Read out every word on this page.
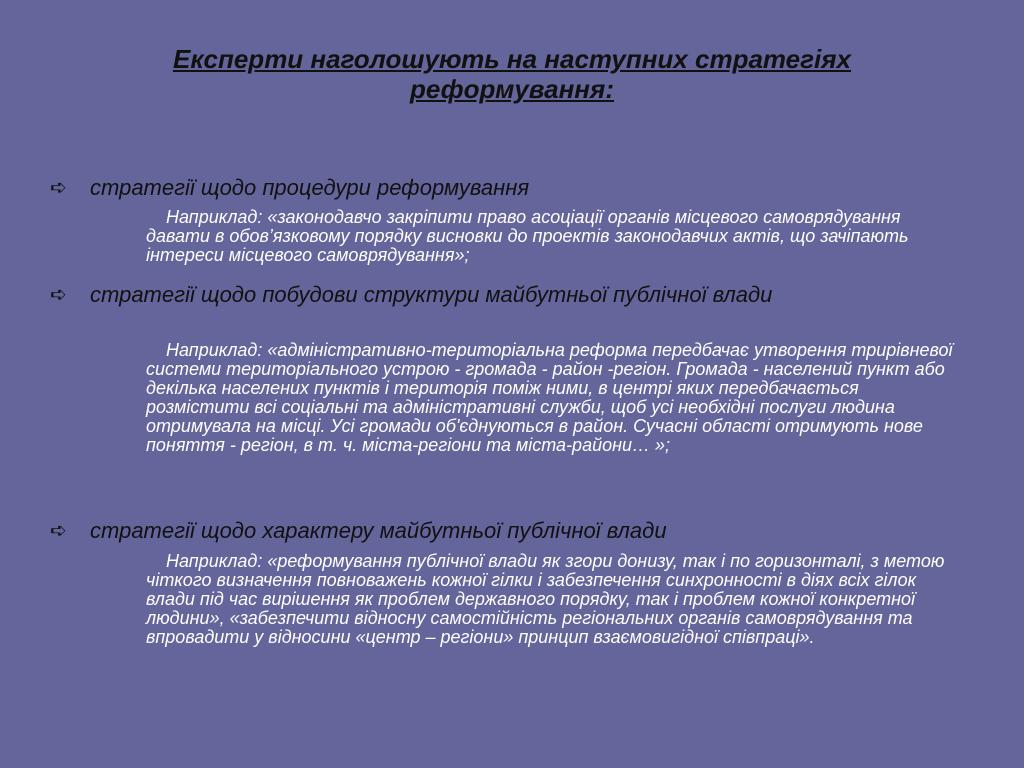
Експерти наголошують на наступних стратегіях
реформування:
➪	стратегії щодо процедури реформування
Наприклад: «законодавчо закріпити право асоціації органів місцевого самоврядування давати в обов’язковому порядку висновки до проектів законодавчих актів, що зачіпають інтереси місцевого самоврядування»;
➪	стратегії щодо побудови структури майбутньої публічної влади
Наприклад: «адміністративно-територіальна реформа передбачає утворення трирівневої системи територіального устрою - громада - район -регіон. Громада - населений пункт або декілька населених пунктів і територія поміж ними, в центрі яких передбачається розмістити всі соціальні та адміністративні служби, щоб усі необхідні послуги людина отримувала на місці. Усі громади об'єднуються в район. Сучасні області отримують нове поняття - регіон, в т. ч. міста-регіони та міста-райони… »;
➪	стратегії щодо характеру майбутньої публічної влади
Наприклад: «реформування публічної влади як згори донизу, так і по горизонталі, з метою чіткого визначення повноважень кожної гілки і забезпечення синхронності в діях всіх гілок влади під час вирішення як проблем державного порядку, так і проблем кожної конкретної людини», «забезпечити відносну самостійність регіональних органів самоврядування та впровадити у відносини «центр – регіони» принцип взаємовигідної співпраці».
